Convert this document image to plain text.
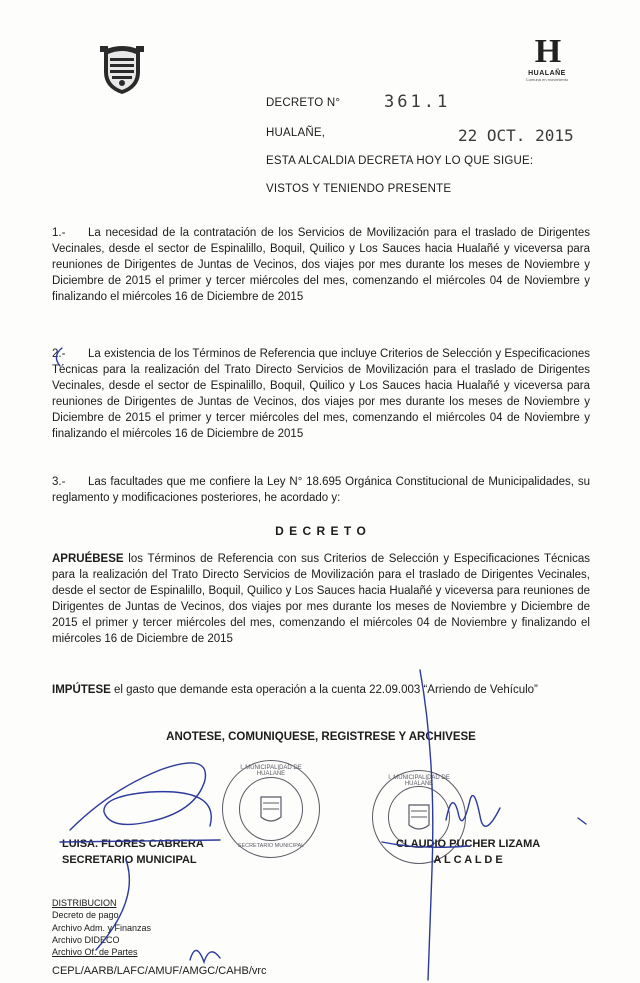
H
HUALAÑE
Comuna en movimiento
DECRETO N°	361.1
HUALAÑE,	22 OCT. 2015
ESTA ALCALDIA DECRETA HOY LO QUE SIGUE:
VISTOS Y TENIENDO PRESENTE
1.- La necesidad de la contratación de los Servicios de Movilización para el traslado de Dirigentes Vecinales, desde el sector de Espinalillo, Boquil, Quilico y Los Sauces hacia Hualañé y viceversa para reuniones de Dirigentes de Juntas de Vecinos, dos viajes por mes durante los meses de Noviembre y Diciembre de 2015 el primer y tercer miércoles del mes, comenzando el miércoles 04 de Noviembre y finalizando el miércoles 16 de Diciembre de 2015
2.- La existencia de los Términos de Referencia que incluye Criterios de Selección y Especificaciones Técnicas para la realización del Trato Directo Servicios de Movilización para el traslado de Dirigentes Vecinales, desde el sector de Espinalillo, Boquil, Quilico y Los Sauces hacia Hualañé y viceversa para reuniones de Dirigentes de Juntas de Vecinos, dos viajes por mes durante los meses de Noviembre y Diciembre de 2015 el primer y tercer miércoles del mes, comenzando el miércoles 04 de Noviembre y finalizando el miércoles 16 de Diciembre de 2015
3.- Las facultades que me confiere la Ley N° 18.695 Orgánica Constitucional de Municipalidades, su reglamento y modificaciones posteriores, he acordado y:
D E C R E T O
APRUÉBESE los Términos de Referencia con sus Criterios de Selección y Especificaciones Técnicas para la realización del Trato Directo Servicios de Movilización para el traslado de Dirigentes Vecinales, desde el sector de Espinalillo, Boquil, Quilico y Los Sauces hacia Hualañé y viceversa para reuniones de Dirigentes de Juntas de Vecinos, dos viajes por mes durante los meses de Noviembre y Diciembre de 2015 el primer y tercer miércoles del mes, comenzando el miércoles 04 de Noviembre y finalizando el miércoles 16 de Diciembre de 2015
IMPÚTESE el gasto que demande esta operación a la cuenta 22.09.003 “Arriendo de Vehículo”
ANOTESE, COMUNIQUESE, REGISTRESE Y ARCHIVESE
I. MUNICIPALIDAD DE HUALAÑE
SECRETARIO MUNICIPAL
I. MUNICIPALIDAD DE HUALAÑE
LUISA. FLORES CABRERA
SECRETARIO MUNICIPAL
CLAUDIO PUCHER LIZAMA
A L C A L D E
DISTRIBUCION
Decreto de pago
Archivo Adm. y Finanzas
Archivo DIDECO
Archivo Of. de Partes
CEPL/AARB/LAFC/AMUF/AMGC/CAHB/vrc
